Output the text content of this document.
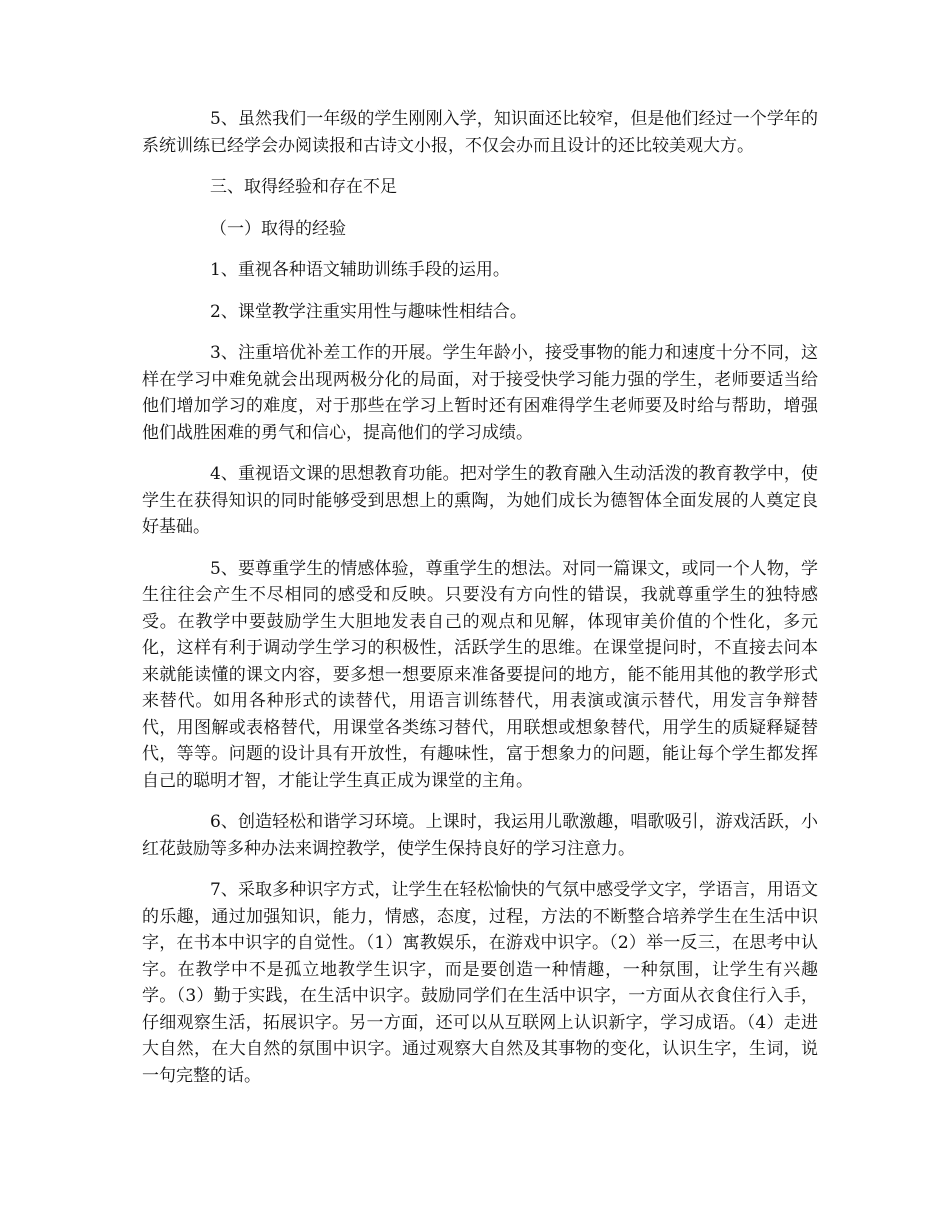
5、虽然我们一年级的学生刚刚入学，知识面还比较窄，但是他们经过一个学年的系统训练已经学会办阅读报和古诗文小报，不仅会办而且设计的还比较美观大方。

三、取得经验和存在不足

（一）取得的经验

1、重视各种语文辅助训练手段的运用。

2、课堂教学注重实用性与趣味性相结合。

3、注重培优补差工作的开展。学生年龄小，接受事物的能力和速度十分不同，这样在学习中难免就会出现两极分化的局面，对于接受快学习能力强的学生，老师要适当给他们增加学习的难度，对于那些在学习上暂时还有困难得学生老师要及时给与帮助，增强他们战胜困难的勇气和信心，提高他们的学习成绩。

4、重视语文课的思想教育功能。把对学生的教育融入生动活泼的教育教学中，使学生在获得知识的同时能够受到思想上的熏陶，为她们成长为德智体全面发展的人奠定良好基础。

5、要尊重学生的情感体验，尊重学生的想法。对同一篇课文，或同一个人物，学生往往会产生不尽相同的感受和反映。只要没有方向性的错误，我就尊重学生的独特感受。在教学中要鼓励学生大胆地发表自己的观点和见解，体现审美价值的个性化，多元化，这样有利于调动学生学习的积极性，活跃学生的思维。在课堂提问时，不直接去问本来就能读懂的课文内容，要多想一想要原来准备要提问的地方，能不能用其他的教学形式来替代。如用各种形式的读替代，用语言训练替代，用表演或演示替代，用发言争辩替代，用图解或表格替代，用课堂各类练习替代，用联想或想象替代，用学生的质疑释疑替代，等等。问题的设计具有开放性，有趣味性，富于想象力的问题，能让每个学生都发挥自己的聪明才智，才能让学生真正成为课堂的主角。

6、创造轻松和谐学习环境。上课时，我运用儿歌激趣，唱歌吸引，游戏活跃，小红花鼓励等多种办法来调控教学，使学生保持良好的学习注意力。

7、采取多种识字方式，让学生在轻松愉快的气氛中感受学文字，学语言，用语文的乐趣，通过加强知识，能力，情感，态度，过程，方法的不断整合培养学生在生活中识字，在书本中识字的自觉性。（1）寓教娱乐，在游戏中识字。（2）举一反三，在思考中认字。在教学中不是孤立地教学生识字，而是要创造一种情趣，一种氛围，让学生有兴趣学。（3）勤于实践，在生活中识字。鼓励同学们在生活中识字，一方面从衣食住行入手，仔细观察生活，拓展识字。另一方面，还可以从互联网上认识新字，学习成语。（4）走进大自然，在大自然的氛围中识字。通过观察大自然及其事物的变化，认识生字，生词，说一句完整的话。
